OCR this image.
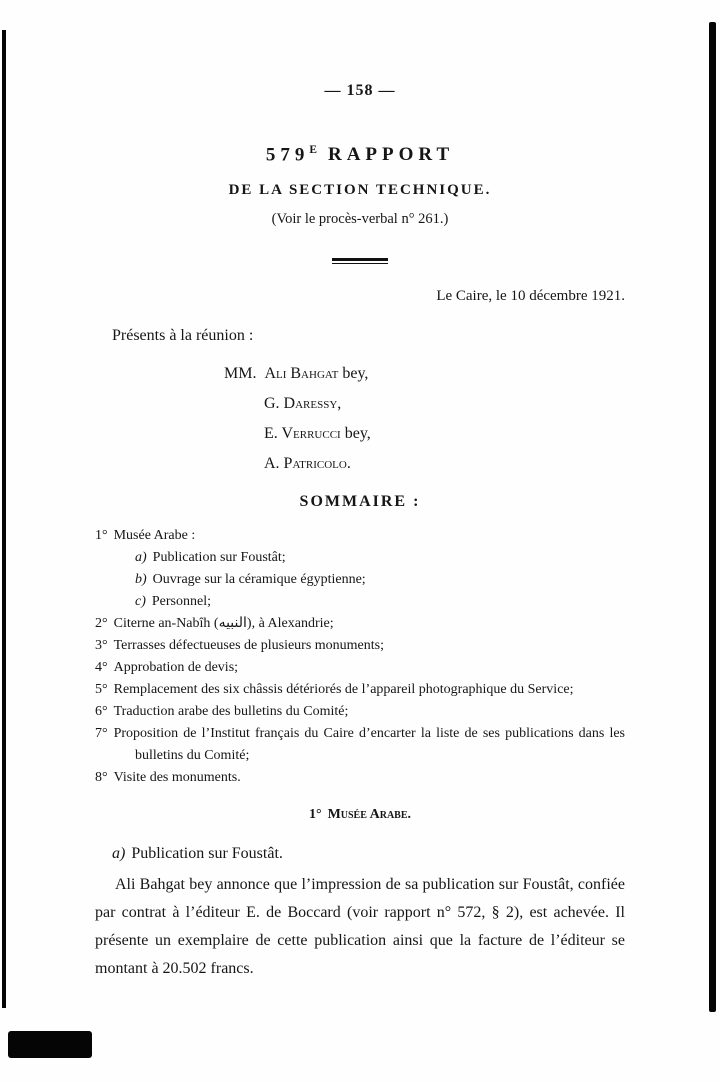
— 158 —
$579^E$ RAPPORT
DE LA SECTION TECHNIQUE.
(Voir le procès-verbal n° 261.)
Le Caire, le 10 décembre 1921.
Présents à la réunion :
MM. Ali Bahgat bey,
G. Daressy,
E. Verrucci bey,
A. Patricolo.
SOMMAIRE :
1° Musée Arabe :
a) Publication sur Foustât;
b) Ouvrage sur la céramique égyptienne;
c) Personnel;
2° Citerne an-Nabîh (النبيه), à Alexandrie;
3° Terrasses défectueuses de plusieurs monuments;
4° Approbation de devis;
5° Remplacement des six châssis détériorés de l’appareil photographique du Service;
6° Traduction arabe des bulletins du Comité;
7° Proposition de l’Institut français du Caire d’encarter la liste de ses publications dans les bulletins du Comité;
8° Visite des monuments.
1° Musée Arabe.
a) Publication sur Foustât.
Ali Bahgat bey annonce que l’impression de sa publication sur Foustât, confiée par contrat à l’éditeur E. de Boccard (voir rapport n° 572, § 2), est achevée. Il présente un exemplaire de cette publication ainsi que la facture de l’éditeur se montant à 20.502 francs.
